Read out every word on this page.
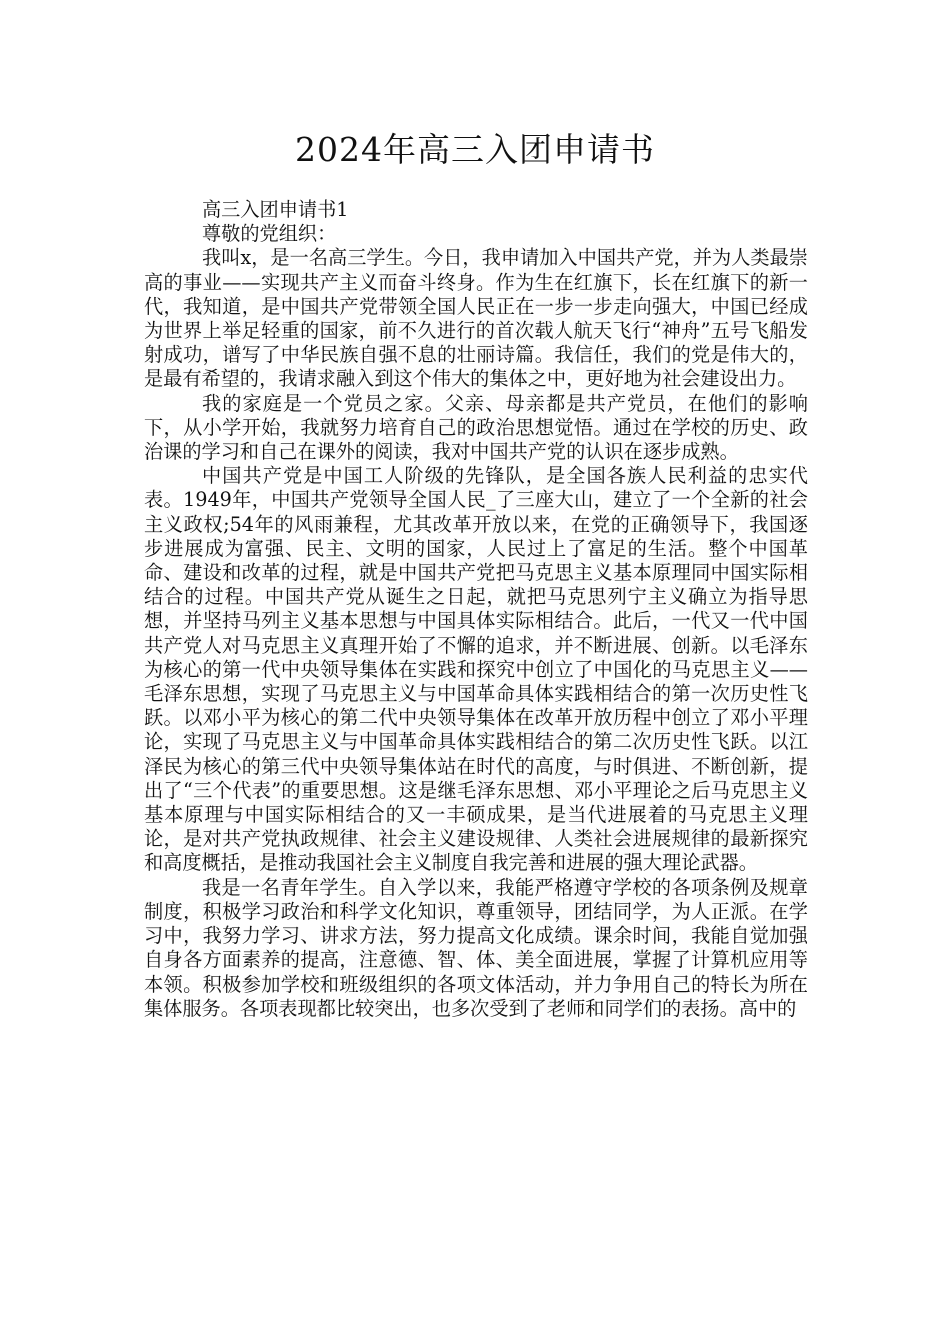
2024年高三入团申请书

高三入团申请书1

尊敬的党组织：

我叫x，是一名高三学生。今日，我申请加入中国共产党，并为人类最崇高的事业——实现共产主义而奋斗终身。作为生在红旗下，长在红旗下的新一代，我知道，是中国共产党带领全国人民正在一步一步走向强大，中国已经成为世界上举足轻重的国家，前不久进行的首次载人航天飞行“神舟”五号飞船发射成功，谱写了中华民族自强不息的壮丽诗篇。我信任，我们的党是伟大的，是最有希望的，我请求融入到这个伟大的集体之中，更好地为社会建设出力。

我的家庭是一个党员之家。父亲、母亲都是共产党员，在他们的影响下，从小学开始，我就努力培育自己的政治思想觉悟。通过在学校的历史、政治课的学习和自己在课外的阅读，我对中国共产党的认识在逐步成熟。

中国共产党是中国工人阶级的先锋队，是全国各族人民利益的忠实代表。1949年，中国共产党领导全国人民_了三座大山，建立了一个全新的社会主义政权;54年的风雨兼程，尤其改革开放以来，在党的正确领导下，我国逐步进展成为富强、民主、文明的国家，人民过上了富足的生活。整个中国革命、建设和改革的过程，就是中国共产党把马克思主义基本原理同中国实际相结合的过程。中国共产党从诞生之日起，就把马克思列宁主义确立为指导思想，并坚持马列主义基本思想与中国具体实际相结合。此后，一代又一代中国共产党人对马克思主义真理开始了不懈的追求，并不断进展、创新。以毛泽东为核心的第一代中央领导集体在实践和探究中创立了中国化的马克思主义——毛泽东思想，实现了马克思主义与中国革命具体实践相结合的第一次历史性飞跃。以邓小平为核心的第二代中央领导集体在改革开放历程中创立了邓小平理论，实现了马克思主义与中国革命具体实践相结合的第二次历史性飞跃。以江泽民为核心的第三代中央领导集体站在时代的高度，与时俱进、不断创新，提出了“三个代表”的重要思想。这是继毛泽东思想、邓小平理论之后马克思主义基本原理与中国实际相结合的又一丰硕成果，是当代进展着的马克思主义理论，是对共产党执政规律、社会主义建设规律、人类社会进展规律的最新探究和高度概括，是推动我国社会主义制度自我完善和进展的强大理论武器。

我是一名青年学生。自入学以来，我能严格遵守学校的各项条例及规章制度，积极学习政治和科学文化知识，尊重领导，团结同学，为人正派。在学习中，我努力学习、讲求方法，努力提高文化成绩。课余时间，我能自觉加强自身各方面素养的提高，注意德、智、体、美全面进展，掌握了计算机应用等本领。积极参加学校和班级组织的各项文体活动，并力争用自己的特长为所在集体服务。各项表现都比较突出，也多次受到了老师和同学们的表扬。高中的
